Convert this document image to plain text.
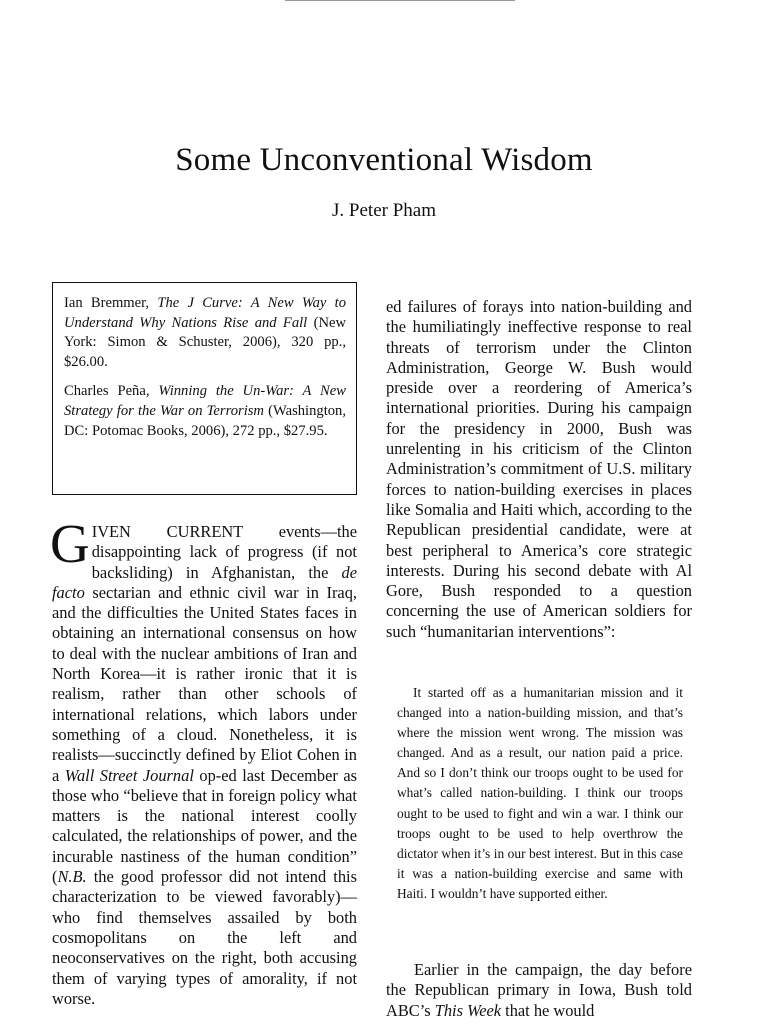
Some Unconventional Wisdom
J. Peter Pham

Ian Bremmer, The J Curve: A New Way to Understand Why Nations Rise and Fall (New York: Simon & Schuster, 2006), 320 pp., $26.00.

Charles Peña, Winning the Un-War: A New Strategy for the War on Terrorism (Washington, DC: Potomac Books, 2006), 272 pp., $27.95.

GIVEN CURRENT events—the disappointing lack of progress (if not backsliding) in Afghanistan, the de facto sectarian and ethnic civil war in Iraq, and the difficulties the United States faces in obtaining an international consensus on how to deal with the nuclear ambitions of Iran and North Korea—it is rather ironic that it is realism, rather than other schools of international relations, which labors under something of a cloud. Nonetheless, it is realists—succinctly defined by Eliot Cohen in a Wall Street Journal op-ed last December as those who “believe that in foreign policy what matters is the national interest coolly calculated, the relationships of power, and the incurable nastiness of the human condition” (N.B. the good professor did not intend this characterization to be viewed favorably)—who find themselves assailed by both cosmopolitans on the left and neoconservatives on the right, both accusing them of varying types of amorality, if not worse.

ed failures of forays into nation-building and the humiliatingly ineffective response to real threats of terrorism under the Clinton Administration, George W. Bush would preside over a reordering of America’s international priorities. During his campaign for the presidency in 2000, Bush was unrelenting in his criticism of the Clinton Administration’s commitment of U.S. military forces to nation-building exercises in places like Somalia and Haiti which, according to the Republican presidential candidate, were at best peripheral to America’s core strategic interests. During his second debate with Al Gore, Bush responded to a question concerning the use of American soldiers for such “humanitarian interventions”:

It started off as a humanitarian mission and it changed into a nation-building mission, and that’s where the mission went wrong. The mission was changed. And as a result, our nation paid a price. And so I don’t think our troops ought to be used for what’s called nation-building. I think our troops ought to be used to fight and win a war. I think our troops ought to be used to help overthrow the dictator when it’s in our best interest. But in this case it was a nation-building exercise and same with Haiti. I wouldn’t have supported either.

Earlier in the campaign, the day before the Republican primary in Iowa, Bush told ABC’s This Week that he would
